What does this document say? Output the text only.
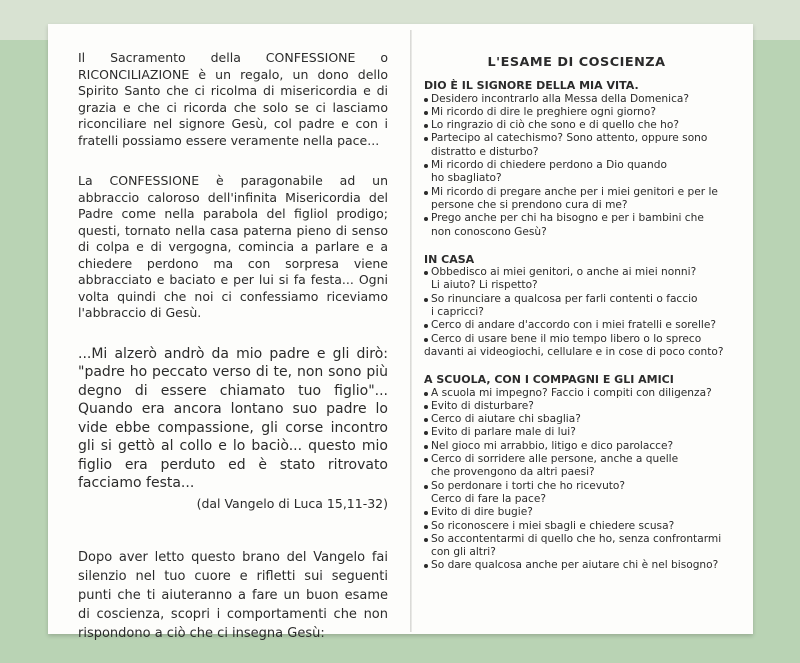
Il Sacramento della CONFESSIONE o RICONCILIAZIONE è un regalo, un dono dello Spirito Santo che ci ricolma di misericordia e di grazia e che ci ricorda che solo se ci lasciamo riconciliare nel signore Gesù, col padre e con i fratelli possiamo essere veramente nella pace...

La CONFESSIONE è paragonabile ad un abbraccio caloroso dell'infinita Misericordia del Padre come nella parabola del figliol prodigo; questi, tornato nella casa paterna pieno di senso di colpa e di vergogna, comincia a parlare e a chiedere perdono ma con sorpresa viene abbracciato e baciato e per lui si fa festa... Ogni volta quindi che noi ci confessiamo riceviamo l'abbraccio di Gesù.

...Mi alzerò andrò da mio padre e gli dirò: "padre ho peccato verso di te, non sono più degno di essere chiamato tuo figlio"... Quando era ancora lontano suo padre lo vide ebbe compassione, gli corse incontro gli si gettò al collo e lo baciò... questo mio figlio era perduto ed è stato ritrovato facciamo festa...

(dal Vangelo di Luca 15,11-32)

Dopo aver letto questo brano del Vangelo fai silenzio nel tuo cuore e rifletti sui seguenti punti che ti aiuteranno a fare un buon esame di coscienza, scopri i comportamenti che non rispondono a ciò che ci insegna Gesù:

L'ESAME DI COSCIENZA
DIO È IL SIGNORE DELLA MIA VITA.
Desidero incontrarlo alla Messa della Domenica?
Mi ricordo di dire le preghiere ogni giorno?
Lo ringrazio di ciò che sono e di quello che ho?
Partecipo al catechismo? Sono attento, oppure sono
distratto e disturbo?
Mi ricordo di chiedere perdono a Dio quando
ho sbagliato?
Mi ricordo di pregare anche per i miei genitori e per le
persone che si prendono cura di me?
Prego anche per chi ha bisogno e per i bambini che
non conoscono Gesù?
IN CASA
Obbedisco ai miei genitori, o anche ai miei nonni?
Li aiuto? Li rispetto?
So rinunciare a qualcosa per farli contenti o faccio
i capricci?
Cerco di andare d'accordo con i miei fratelli e sorelle?
Cerco di usare bene il mio tempo libero o lo spreco
davanti ai videogiochi, cellulare e in cose di poco conto?
A SCUOLA, CON I COMPAGNI E GLI AMICI
A scuola mi impegno? Faccio i compiti con diligenza?
Evito di disturbare?
Cerco di aiutare chi sbaglia?
Evito di parlare male di lui?
Nel gioco mi arrabbio, litigo e dico parolacce?
Cerco di sorridere alle persone, anche a quelle
che provengono da altri paesi?
So perdonare i torti che ho ricevuto?
Cerco di fare la pace?
Evito di dire bugie?
So riconoscere i miei sbagli e chiedere scusa?
So accontentarmi di quello che ho, senza confrontarmi
con gli altri?
So dare qualcosa anche per aiutare chi è nel bisogno?
